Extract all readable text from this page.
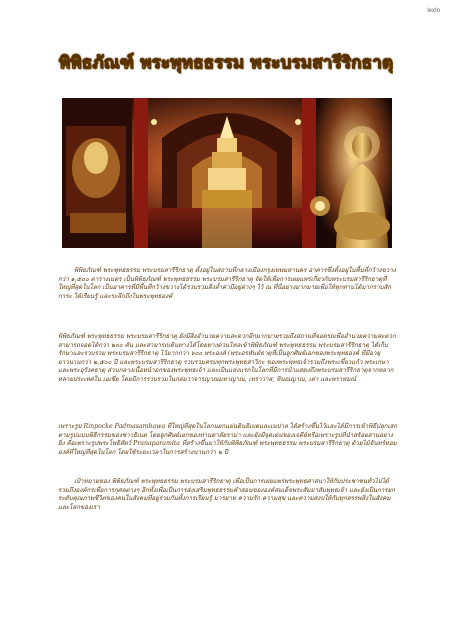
lexIn
พิพิธภัณฑ์ พระพุทธธรรม พระบรมสารีริกธาตุ

พิพิธภัณฑ์ พระพุทธธรรม พระบรมสารีริกธาตุ ตั้งอยู่ในสถานที่กลางเมืองกรุงเทพมหานคร อาคารซึ่งตั้งอยู่ในพื้นที่กว้างขวางกว่า ๑,๕๐๐ ตารางเมตร เป็นพิพิธภัณฑ์ พระพุทธธรรม พระบรมสารีริกธาตุ จัดให้เพื่อการเผยแพร่เกี่ยวกับพระบรมสารีริกธาตุที่ใหญ่ที่สุดในโลก เป็นอาคารที่มีพื้นที่กว้างขวางได้รวบรวมสิ่งล้ำค่ามีอยู่ต่างๆ ไว้ ณ ที่นี่อย่างมากมายเพื่อให้ทุกท่านได้มากราบสักการะ ได้เรียนรู้ และระลึกถึงในพระพุทธองค์

พิพิธภัณฑ์ พระพุทธธรรม พระบรมสารีริกธาตุ ยังมีสิ่งอำนวยความสะดวกอีกมากมายรวมถึงสถานที่จอดรถเพื่ออำนวยความสะดวก สามารถจอดได้กว่า ๒๐๐ คัน และสามารถเดินทางได้โดยทางด่วนไหลเข้าพิพิธภัณฑ์ พระพุทธธรรม พระบรมสารีริกธาตุ ได้เก็บรักษาและรวบรวม พระบรมสารีริกธาตุ ไว้มากกว่า ๖๐๐ พระองค์ (พระอรหันต์ธาตุที่เป็นลูกศิษย์เอกของพระพุทธองค์ ที่มีอายุยาวนานกว่า ๒,๕๐๐ ปี และพระบรมสารีริกธาตุ รวบรวมครบทุกพระพุทธสาวิกะ ของพระพุทธเจ้ารวมถึงพระเขี้ยวแก้ว พระเกษาและพระอุรังคธาตุ ส่วนกลางเนื้อหน้าอกของพระพุทธเจ้า และเป็นแห่งแรกในโลกที่มีการนำแสดงถึงพระบรมสารีริกธาตุจากหลากหลายประเทศใน เอเชีย โดยมีการรวบรวมในกล่มวาจารญาณมหาญาณ, เทราวาส, หินณญาณ, เต่า และพราหมณ์

เพราะรูป Rinpocke Padmasambawa ที่ใหญ่ที่สุดในโลกนอกแผ่นดินธิเบตและเนปาล ได้สร้างขึ้นไว้และได้มีการเข้าพิธีปลุกเสกตามรูปแบบพิธีกรรมของชาวธิเบต โดยลูกศิษย์เอกของท่านดาลัยราม่า และยังมีจุดเด่นของเจดีย์หรือเพราะรูปที่นำสร้อยสานอย่างยิ่ง คือเพราะรูปพระโพธิสัตว์ Pranaparamita ที่สร้างขึ้นมาให้กับพิพิธภัณฑ์ พระพุทธธรรม พระบรมสารีริกธาตุ ด้วยไม้จันทร์หอมองค์ที่ใหญ่ที่สุดในโลก โดยใช้ระยะเวลาในการสร้างนานกว่า ๒ ปี

เป้าหมายของ พิพิธภัณฑ์ พระพุทธธรรม พระบรมสารีริกธาตุ เพื่อเป็นการเผยแพร่พระพุทธศาสนาให้กับประชาชนทั่วไปได้ รวมถึงองค์กรเพื่อการกุศลต่างๆ อีกทั้งเพื่อเป็นการส่งเสริมพุทธธรรมคำสอนขององค์สมเด็จพระสัมมาสัมพุทธเจ้า และยังเป็นการยกระดับคุณภาพชีวิตของคนในสังคมที่อยู่ร่วมกันทั้งการเรียนรู้ มารยาท ความรัก ความสุข และความสงบให้กับทุกสรรพสิ่งในสังคมและโลกของเรา
